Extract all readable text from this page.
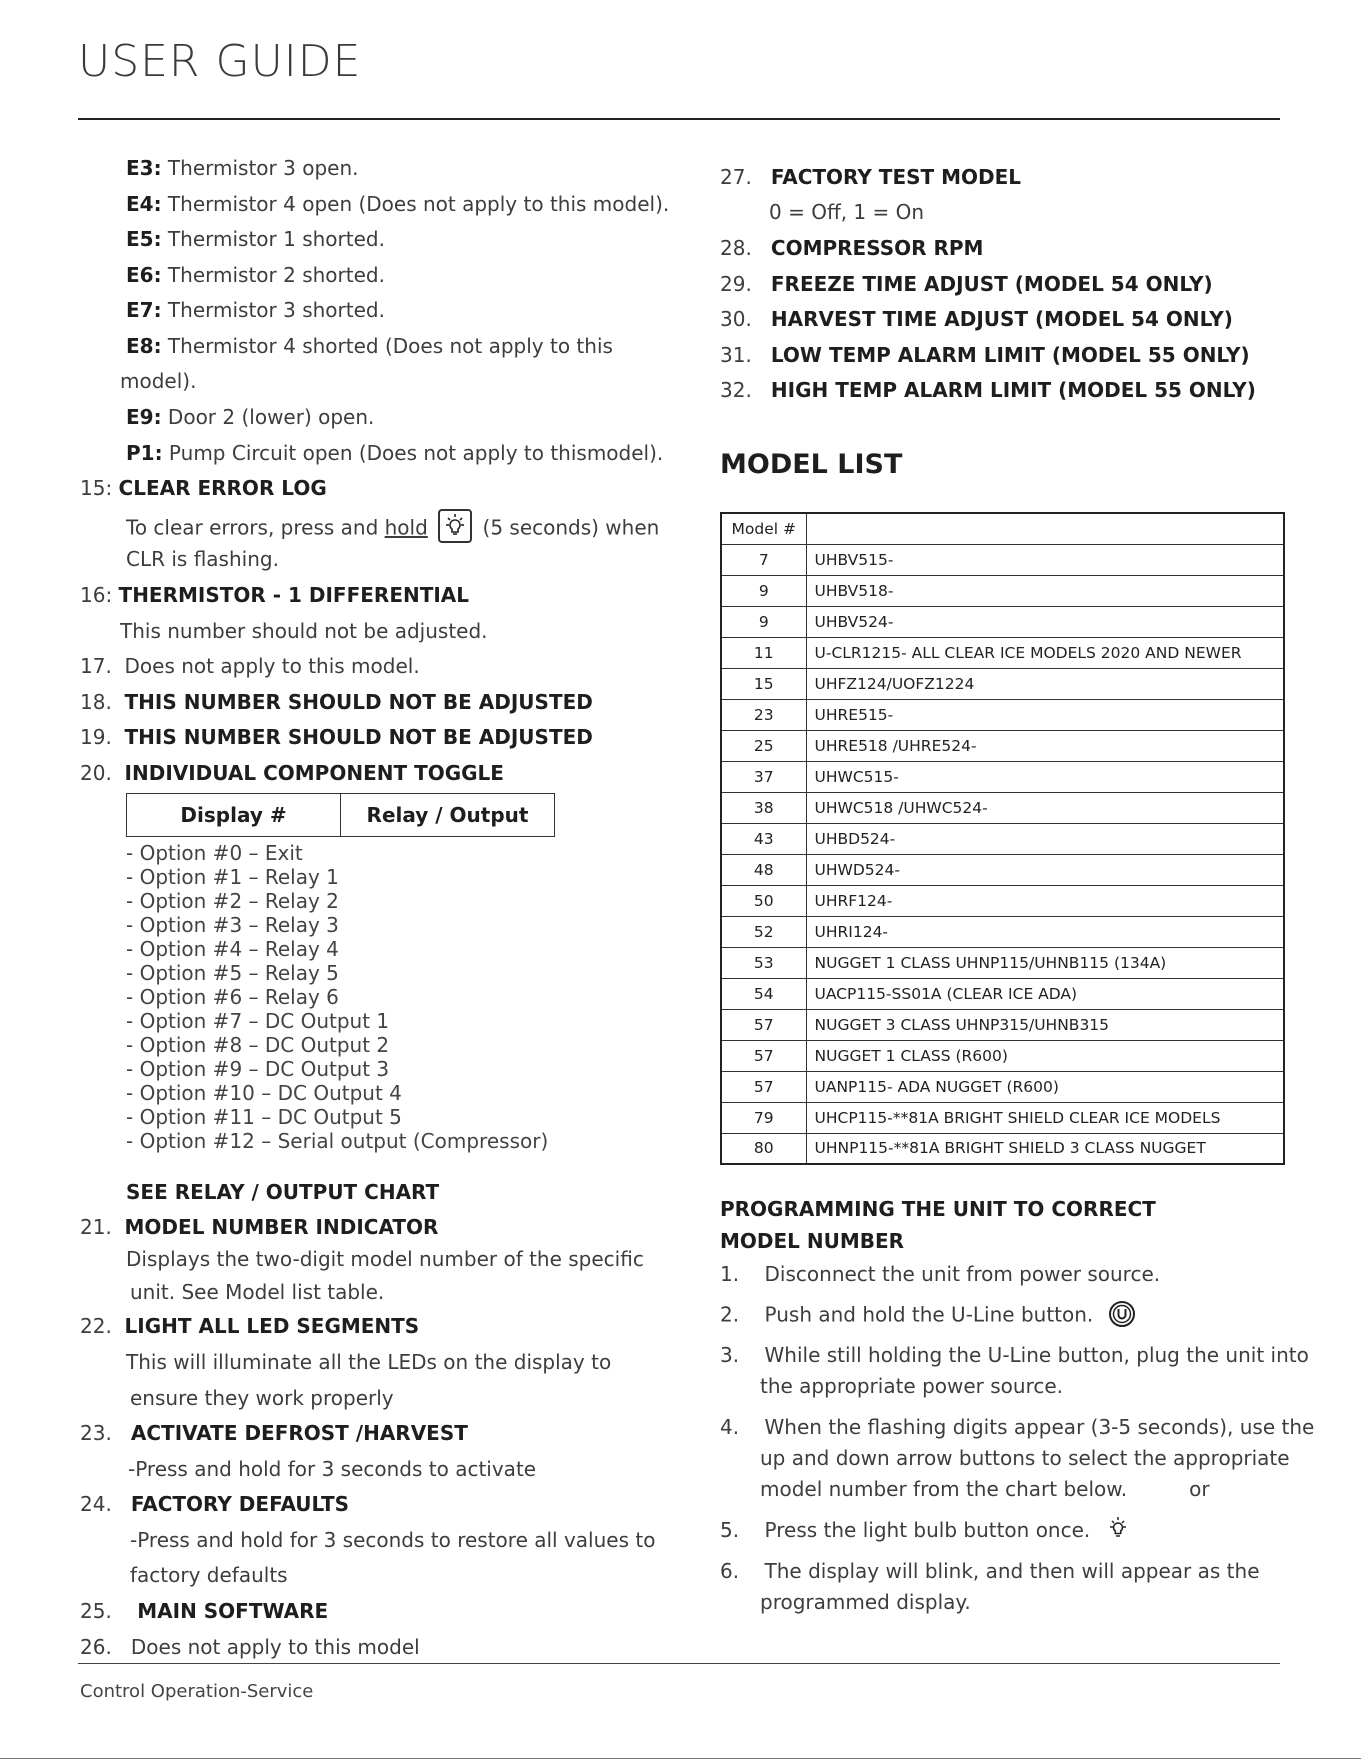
USER GUIDE
E3: Thermistor 3 open.
E4: Thermistor 4 open (Does not apply to this model).
E5: Thermistor 1 shorted.
E6: Thermistor 2 shorted.
E7: Thermistor 3 shorted.
E8: Thermistor 4 shorted (Does not apply to this
model).
E9: Door 2 (lower) open.
P1: Pump Circuit open (Does not apply to thismodel).
15: CLEAR ERROR LOG
To clear errors, press and hold  (5 seconds) when
CLR is flashing.
16: THERMISTOR - 1 DIFFERENTIAL
This number should not be adjusted.
17. Does not apply to this model.
18. THIS NUMBER SHOULD NOT BE ADJUSTED
19. THIS NUMBER SHOULD NOT BE ADJUSTED
20. INDIVIDUAL COMPONENT TOGGLE
Display #	Relay / Output
- Option #0 – Exit
- Option #1 – Relay 1
- Option #2 – Relay 2
- Option #3 – Relay 3
- Option #4 – Relay 4
- Option #5 – Relay 5
- Option #6 – Relay 6
- Option #7 – DC Output 1
- Option #8 – DC Output 2
- Option #9 – DC Output 3
- Option #10 – DC Output 4
- Option #11 – DC Output 5
- Option #12 – Serial output (Compressor)
SEE RELAY / OUTPUT CHART
21. MODEL NUMBER INDICATOR
Displays the two-digit model number of the specific
unit. See Model list table.
22. LIGHT ALL LED SEGMENTS
This will illuminate all the LEDs on the display to
ensure they work properly
23. ACTIVATE DEFROST /HARVEST
-Press and hold for 3 seconds to activate
24. FACTORY DEFAULTS
-Press and hold for 3 seconds to restore all values to
factory defaults
25. MAIN SOFTWARE
26. Does not apply to this model
27. FACTORY TEST MODEL
0 = Off, 1 = On
28. COMPRESSOR RPM
29. FREEZE TIME ADJUST (MODEL 54 ONLY)
30. HARVEST TIME ADJUST (MODEL 54 ONLY)
31. LOW TEMP ALARM LIMIT (MODEL 55 ONLY)
32. HIGH TEMP ALARM LIMIT (MODEL 55 ONLY)
MODEL LIST
Model #	
7	UHBV515-
9	UHBV518-
9	UHBV524-
11	U-CLR1215- ALL CLEAR ICE MODELS 2020 AND NEWER
15	UHFZ124/UOFZ1224
23	UHRE515-
25	UHRE518 /UHRE524-
37	UHWC515-
38	UHWC518 /UHWC524-
43	UHBD524-
48	UHWD524-
50	UHRF124-
52	UHRI124-
53	NUGGET 1 CLASS UHNP115/UHNB115 (134A)
54	UACP115-SS01A (CLEAR ICE ADA)
57	NUGGET 3 CLASS UHNP315/UHNB315
57	NUGGET 1 CLASS (R600)
57	UANP115- ADA NUGGET (R600)
79	UHCP115-**81A BRIGHT SHIELD CLEAR ICE MODELS
80	UHNP115-**81A BRIGHT SHIELD 3 CLASS NUGGET
PROGRAMMING THE UNIT TO CORRECT
MODEL NUMBER
1. Disconnect the unit from power source.
2. Push and hold the U-Line button.
3. While still holding the U-Line button, plug the unit into
the appropriate power source.
4. When the flashing digits appear (3-5 seconds), use the
up and down arrow buttons to select the appropriate
model number from the chart below.	or
5. Press the light bulb button once.
6. The display will blink, and then will appear as the
programmed display.
Control Operation-Service
